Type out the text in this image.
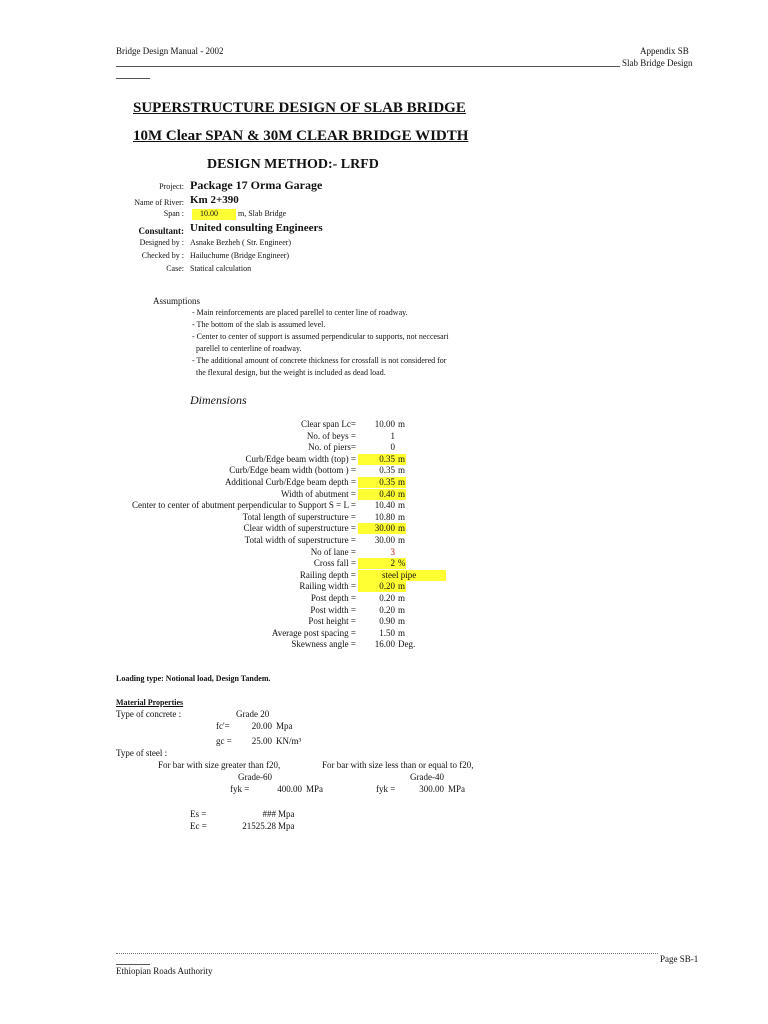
Bridge Design Manual - 2002	Appendix SB
Slab Bridge Design
SUPERSTRUCTURE DESIGN OF SLAB BRIDGE
10M Clear SPAN & 30M CLEAR BRIDGE WIDTH
DESIGN METHOD:- LRFD
Project: Package 17 Orma Garage
Name of River: Km 2+390
Span : 10.00	m, Slab Bridge
Consultant: United consulting Engineers
Designed by : Asnake Bezheh ( Str. Engineer)
Checked by : Hailuchume (Bridge Engineer)
Case: Statical calculation
Assumptions
- Main reinforcements are placed parellel to center line of roadway.
- The bottom of the slab is assumed level.
- Center to center of support is assumed perpendicular to supports, not neccesari
parellel to centerline of roadway.
- The additional amount of concrete thickness for crossfall is not considered for
the flexural design, but the weight is included as dead load.
Dimensions
Clear span Lc=	10.00 m
No. of beys =	1
No. of piers=	0
Curb/Edge beam width (top) =	0.35 m
Curb/Edge beam width (bottom ) =	0.35 m
Additional Curb/Edge beam depth =	0.35 m
Width of abutment =	0.40 m
Center to center of abutment perpendicular to Support S = L =	10.40 m
Total length of superstructure =	10.80 m
Clear width of superstructure =	30.00 m
Total width of superstructure =	30.00 m
No of lane =	3
Cross fall =	2 %
Railing depth =	steel pipe
Railing width =	0.20 m
Post depth =	0.20 m
Post width =	0.20 m
Post height =	0.90 m
Average post spacing =	1.50 m
Skewness angle =	16.00 Deg.
Loading type: Notional load, Design Tandem.
Material Properties
Type of concrete :	Grade 20
fc'=	20.00 Mpa
gc =	25.00 KN/m³
Type of steel :
For bar with size greater than f20,	For bar with size less than or equal to f20,
Grade-60	Grade-40
fyk =	400.00 MPa	fyk =	300.00 MPa
Es =	### Mpa
Ec =	21525.28 Mpa
Page SB-1
Ethiopian Roads Authority
